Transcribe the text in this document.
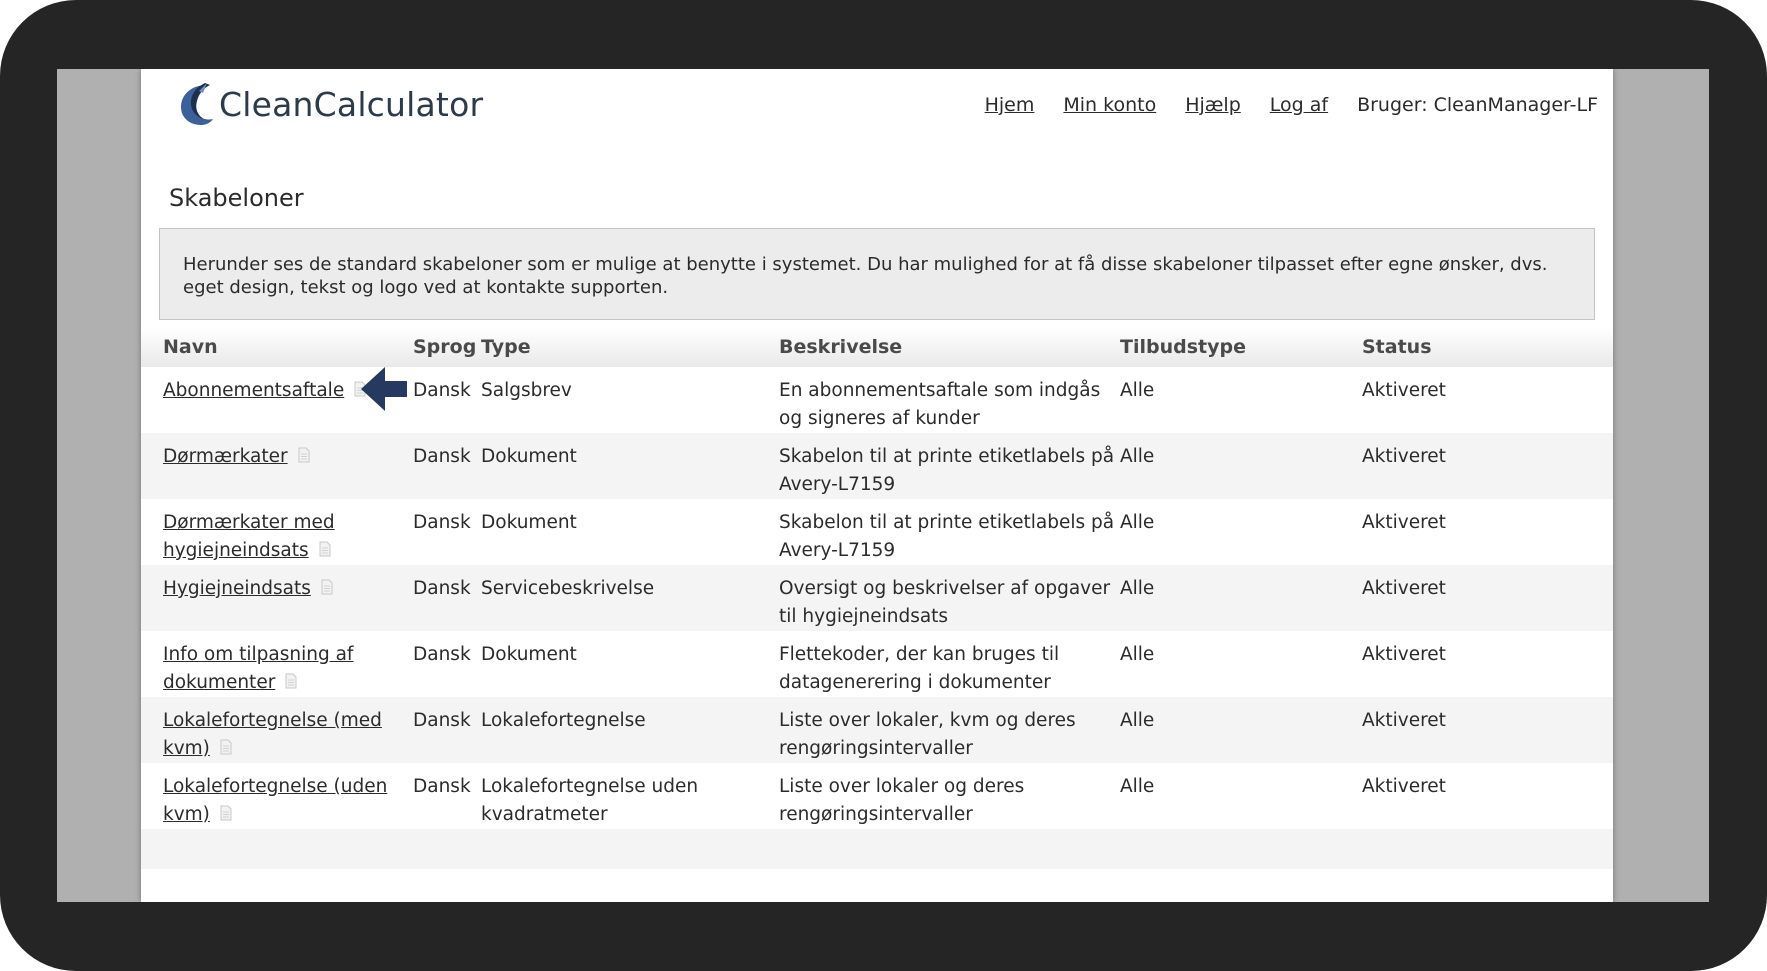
CleanCalculator	Hjem Min konto Hjælp Log af Bruger: CleanManager-LF
Skabeloner
Herunder ses de standard skabeloner som er mulige at benytte i systemet. Du har mulighed for at få disse skabeloner tilpasset efter egne ønsker, dvs. eget design, tekst og logo ved at kontakte supporten.
Navn	Sprog	Type	Beskrivelse	Tilbudstype	Status
Abonnementsaftale	Dansk	Salgsbrev	En abonnementsaftale som indgås og signeres af kunder	Alle	Aktiveret
Dørmærkater	Dansk	Dokument	Skabelon til at printe etiketlabels på Avery-L7159	Alle	Aktiveret
Dørmærkater med hygiejneindsats	Dansk	Dokument	Skabelon til at printe etiketlabels på Avery-L7159	Alle	Aktiveret
Hygiejneindsats	Dansk	Servicebeskrivelse	Oversigt og beskrivelser af opgaver til hygiejneindsats	Alle	Aktiveret
Info om tilpasning af dokumenter	Dansk	Dokument	Flettekoder, der kan bruges til datagenerering i dokumenter	Alle	Aktiveret
Lokalefortegnelse (med kvm)	Dansk	Lokalefortegnelse	Liste over lokaler, kvm og deres rengøringsintervaller	Alle	Aktiveret
Lokalefortegnelse (uden kvm)	Dansk	Lokalefortegnelse uden kvadratmeter	Liste over lokaler og deres rengøringsintervaller	Alle	Aktiveret
